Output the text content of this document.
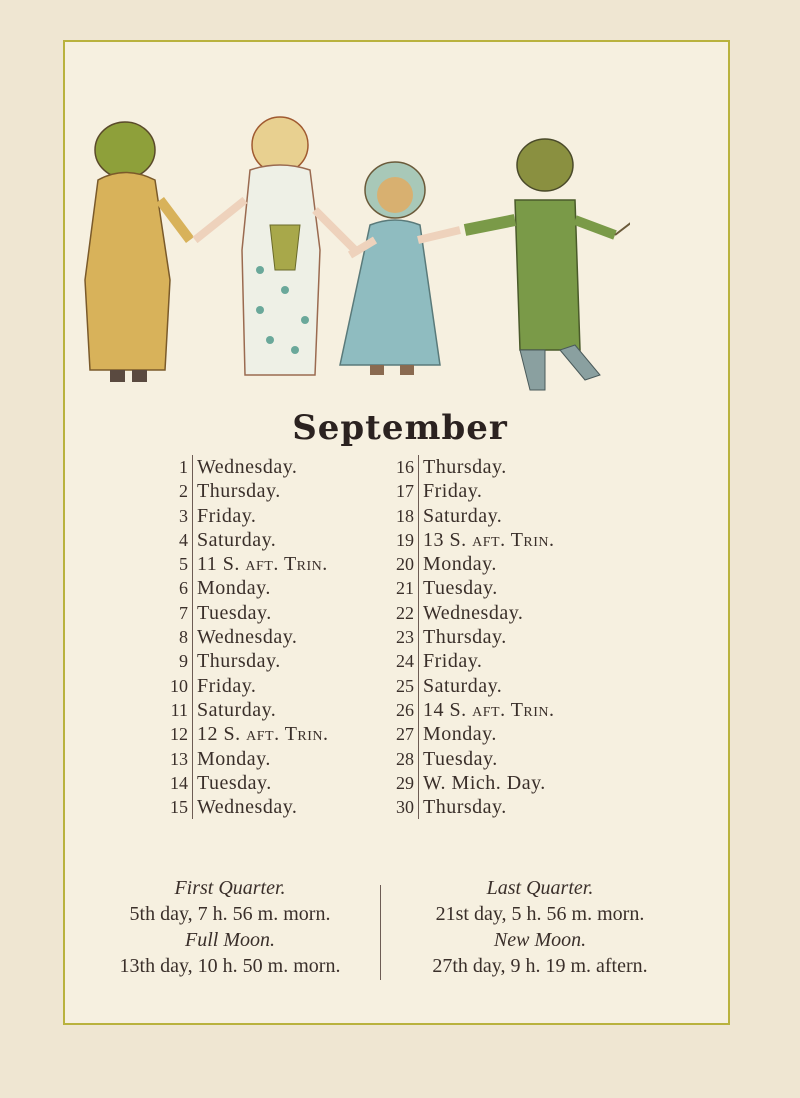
September
1 Wednesday.
2 Thursday.
3 Friday.
4 Saturday.
5 11 S. aft. Trin.
6 Monday.
7 Tuesday.
8 Wednesday.
9 Thursday.
10 Friday.
11 Saturday.
12 12 S. aft. Trin.
13 Monday.
14 Tuesday.
15 Wednesday.
16 Thursday.
17 Friday.
18 Saturday.
19 13 S. aft. Trin.
20 Monday.
21 Tuesday.
22 Wednesday.
23 Thursday.
24 Friday.
25 Saturday.
26 14 S. aft. Trin.
27 Monday.
28 Tuesday.
29 W. Mich. Day.
30 Thursday.
First Quarter.
5th day, 7 h. 56 m. morn.
Full Moon.
13th day, 10 h. 50 m. morn.
Last Quarter.
21st day, 5 h. 56 m. morn.
New Moon.
27th day, 9 h. 19 m. aftern.
